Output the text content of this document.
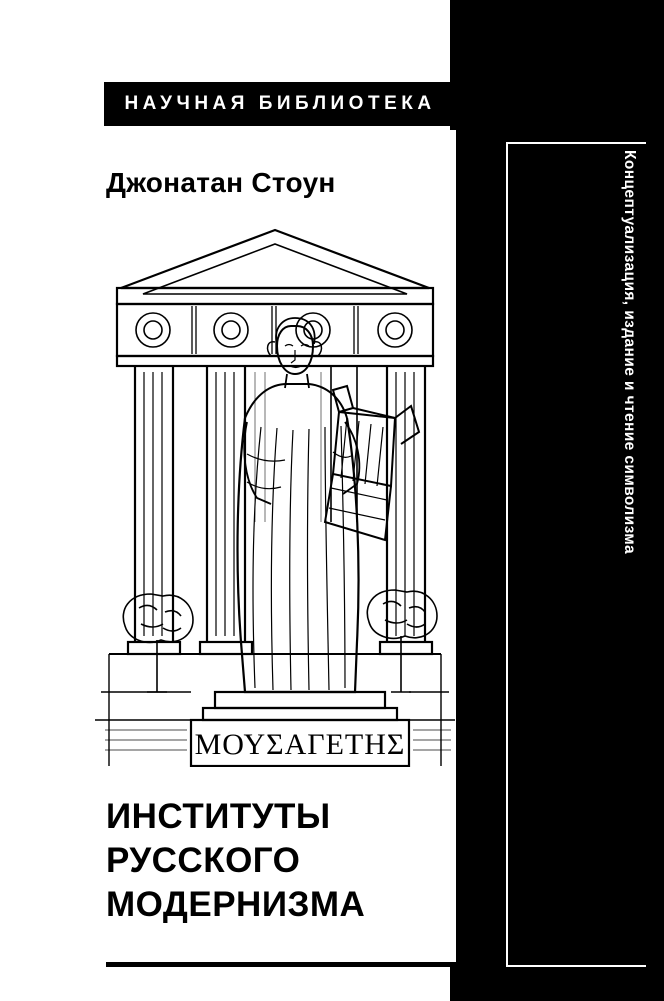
НАУЧНАЯ БИБЛИОТЕКА
Джонатан Стоун
ΜΟΥΣΑΓΕΤΗΣ
ИНСТИТУТЫ
РУССКОГО
МОДЕРНИЗМА
Концептуализация, издание и чтение символизма
